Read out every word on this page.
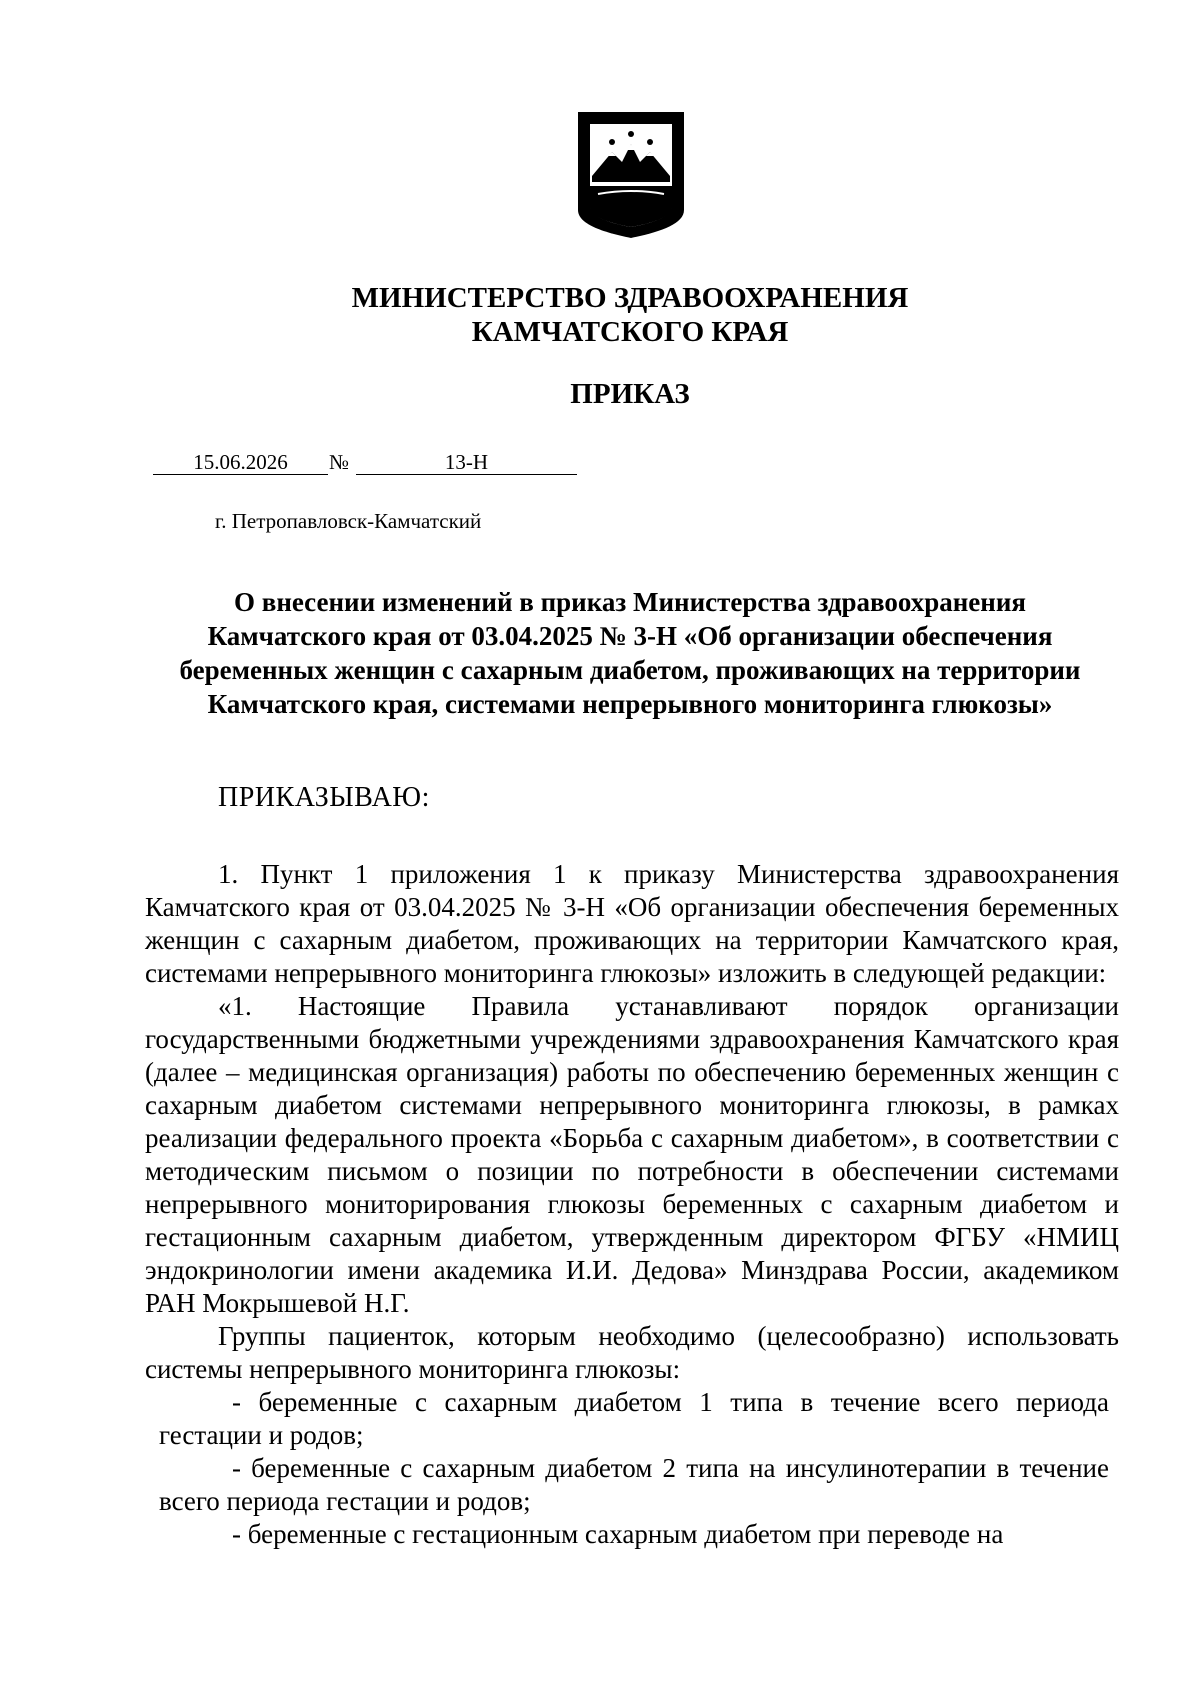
МИНИСТЕРСТВО ЗДРАВООХРАНЕНИЯ
КАМЧАТСКОГО КРАЯ
ПРИКАЗ
15.06.2026	№	13-Н
г. Петропавловск-Камчатский
О внесении изменений в приказ Министерства здравоохранения
Камчатского края от 03.04.2025 № 3-Н «Об организации обеспечения
беременных женщин с сахарным диабетом, проживающих на территории
Камчатского края, системами непрерывного мониторинга глюкозы»
ПРИКАЗЫВАЮ:

1. Пункт 1 приложения 1 к приказу Министерства здравоохранения Камчатского края от 03.04.2025 № 3-Н «Об организации обеспечения беременных женщин с сахарным диабетом, проживающих на территории Камчатского края, системами непрерывного мониторинга глюкозы» изложить в следующей редакции:

«1. Настоящие Правила устанавливают порядок организации государственными бюджетными учреждениями здравоохранения Камчатского края (далее – медицинская организация) работы по обеспечению беременных женщин с сахарным диабетом системами непрерывного мониторинга глюкозы, в рамках реализации федерального проекта «Борьба с сахарным диабетом», в соответствии с методическим письмом о позиции по потребности в обеспечении системами непрерывного мониторирования глюкозы беременных с сахарным диабетом и гестационным сахарным диабетом, утвержденным директором ФГБУ «НМИЦ эндокринологии имени академика И.И. Дедова» Минздрава России, академиком РАН Мокрышевой Н.Г.

Группы пациенток, которым необходимо (целесообразно) использовать системы непрерывного мониторинга глюкозы:

- беременные с сахарным диабетом 1 типа в течение всего периода гестации и родов;

- беременные с сахарным диабетом 2 типа на инсулинотерапии в течение всего периода гестации и родов;

- беременные с гестационным сахарным диабетом при переводе на
